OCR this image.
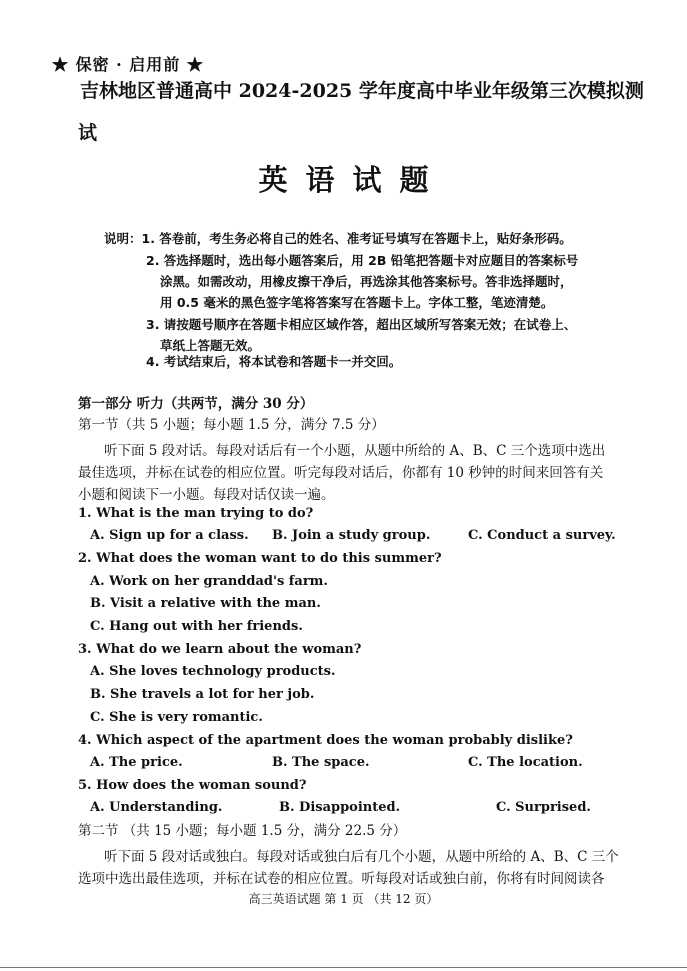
★ 保密 · 启用前 ★
吉林地区普通高中 2024-2025 学年度高中毕业年级第三次模拟测
试
英语试题
说明：1. 答卷前，考生务必将自己的姓名、准考证号填写在答题卡上，贴好条形码。
2. 答选择题时，选出每小题答案后，用 2B 铅笔把答题卡对应题目的答案标号
涂黑。如需改动，用橡皮擦干净后，再选涂其他答案标号。答非选择题时，
用 0.5 毫米的黑色签字笔将答案写在答题卡上。字体工整，笔迹清楚。
3. 请按题号顺序在答题卡相应区域作答，超出区域所写答案无效；在试卷上、
草纸上答题无效。
4. 考试结束后，将本试卷和答题卡一并交回。
第一部分 听力（共两节，满分 30 分）
第一节（共 5 小题；每小题 1.5 分，满分 7.5 分）
听下面 5 段对话。每段对话后有一个小题，从题中所给的 A、B、C 三个选项中选出
最佳选项，并标在试卷的相应位置。听完每段对话后，你都有 10 秒钟的时间来回答有关
小题和阅读下一小题。每段对话仅读一遍。
1. What is the man trying to do?
A. Sign up for a class. B. Join a study group.	C. Conduct a survey.
2. What does the woman want to do this summer?
A. Work on her granddad's farm.
B. Visit a relative with the man.
C. Hang out with her friends.
3. What do we learn about the woman?
A. She loves technology products.
B. She travels a lot for her job.
C. She is very romantic.
4. Which aspect of the apartment does the woman probably dislike?
A. The price.	B. The space.	C. The location.
5. How does the woman sound?
A. Understanding.	B. Disappointed.	C. Surprised.
第二节 （共 15 小题；每小题 1.5 分，满分 22.5 分）
听下面 5 段对话或独白。每段对话或独白后有几个小题，从题中所给的 A、B、C 三个
选项中选出最佳选项，并标在试卷的相应位置。听每段对话或独白前，你将有时间阅读各
高三英语试题 第 1 页 （共 12 页）
